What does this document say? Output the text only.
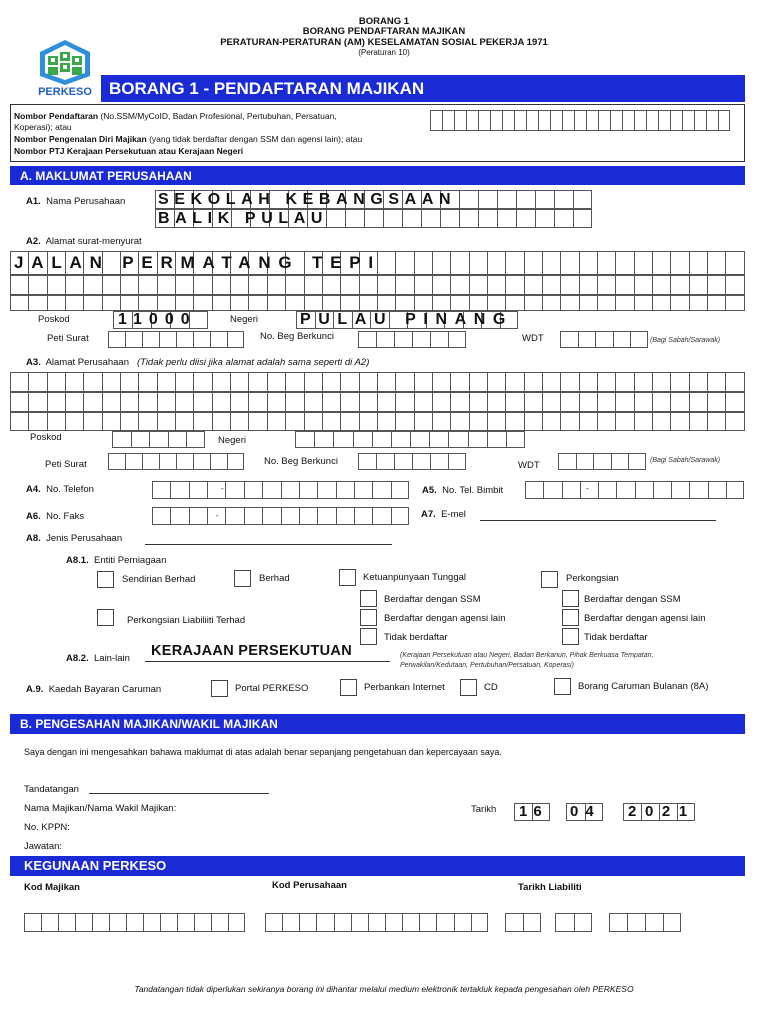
BORANG 1
BORANG PENDAFTARAN MAJIKAN
PERATURAN-PERATURAN (AM) KESELAMATAN SOSIAL PEKERJA 1971
(Peraturan 10)
PERKESO	BORANG 1 - PENDAFTARAN MAJIKAN
Nombor Pendaftaran (No.SSM/MyCoID, Badan Profesional, Pertubuhan, Persatuan,
Koperasi); atau
Nombor Pengenalan Diri Majikan (yang tidak berdaftar dengan SSM dan agensi lain); atau
Nombor PTJ Kerajaan Persekutuan atau Kerajaan Negeri
A. MAKLUMAT PERUSAHAAN
A1. Nama Perusahaan SEKOLAH KEBANGSAAN
BALIK PULAU
A2. Alamat surat-menyurat
JALAN PERMATANG TEPI
Poskod	11000	Negeri	PULAU PINANG
Peti Surat	No. Beg Berkunci	WDT	(Bagi Sabah/Sarawak)
A3. Alamat Perusahaan (Tidak perlu diisi jika alamat adalah sama seperti di A2)
Poskod	Negeri
Peti Surat	No. Beg Berkunci	WDT	(Bagi Sabah/Sarawak)
A4. No. Telefon	-	A5. No. Tel. Bimbit	-
A6. No. Faks	-	A7. E-mel
A8. Jenis Perusahaan
A8.1. Entiti Perniagaan
Sendirian Berhad	Berhad	Ketuanpunyaan Tunggal	Perkongsian
Perkongsian Liabiliiti Terhad
Berdaftar dengan SSM
Berdaftar dengan agensi lain
Tidak berdaftar
Berdaftar dengan SSM
Berdaftar dengan agensi lain
Tidak berdaftar
A8.2. Lain-lain KERAJAAN PERSEKUTUAN	(Kerajaan Persekutuan atau Negeri, Badan Berkanun, Pihak Berkuasa Tempatan,
Perwakilan/Kedutaan, Pertubuhan/Persatuan, Koperasi)
A.9. Kaedah Bayaran Caruman	Portal PERKESO	Perbankan Internet	CD	Borang Caruman Bulanan (8A)
B. PENGESAHAN MAJIKAN/WAKIL MAJIKAN
Saya dengan ini mengesahkan bahawa maklumat di atas adalah benar sepanjang pengetahuan dan kepercayaan saya.
Tandatangan
Nama Majikan/Nama Wakil Majikan:
No. KPPN:
Jawatan:
Tarikh 16 04 2021
KEGUNAAN PERKESO
Kod Majikan	Kod Perusahaan	Tarikh Liabiliti
Tandatangan tidak diperlukan sekiranya borang ini dihantar melalui medium elektronik tertakluk kepada pengesahan oleh PERKESO
